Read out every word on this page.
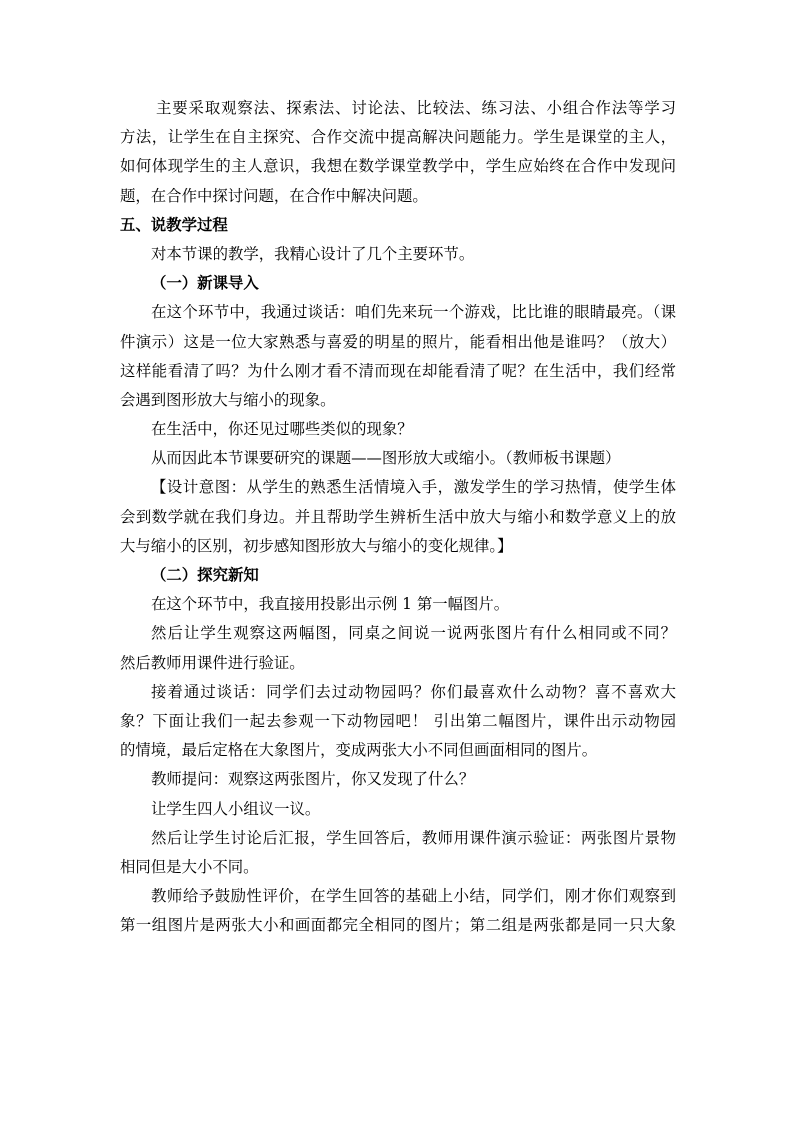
主要采取观察法、探索法、讨论法、比较法、练习法、小组合作法等学习
方法，让学生在自主探究、合作交流中提高解决问题能力。学生是课堂的主人，
如何体现学生的主人意识，我想在数学课堂教学中，学生应始终在合作中发现问
题，在合作中探讨问题，在合作中解决问题。
五、说教学过程
对本节课的教学，我精心设计了几个主要环节。
（一）新课导入
在这个环节中，我通过谈话：咱们先来玩一个游戏，比比谁的眼睛最亮。（课
件演示）这是一位大家熟悉与喜爱的明星的照片，能看相出他是谁吗？（放大）
这样能看清了吗？为什么刚才看不清而现在却能看清了呢？在生活中，我们经常
会遇到图形放大与缩小的现象。
在生活中，你还见过哪些类似的现象？
从而因此本节课要研究的课题——图形放大或缩小。（教师板书课题）
【设计意图：从学生的熟悉生活情境入手，激发学生的学习热情，使学生体
会到数学就在我们身边。并且帮助学生辨析生活中放大与缩小和数学意义上的放
大与缩小的区别，初步感知图形放大与缩小的变化规律。】
（二）探究新知
在这个环节中，我直接用投影出示例 1 第一幅图片。
然后让学生观察这两幅图，同桌之间说一说两张图片有什么相同或不同？
然后教师用课件进行验证。
接着通过谈话：同学们去过动物园吗？你们最喜欢什么动物？喜不喜欢大
象？下面让我们一起去参观一下动物园吧！ 引出第二幅图片，课件出示动物园
的情境，最后定格在大象图片，变成两张大小不同但画面相同的图片。
教师提问：观察这两张图片，你又发现了什么？
让学生四人小组议一议。
然后让学生讨论后汇报，学生回答后，教师用课件演示验证：两张图片景物
相同但是大小不同。
教师给予鼓励性评价，在学生回答的基础上小结，同学们，刚才你们观察到
第一组图片是两张大小和画面都完全相同的图片；第二组是两张都是同一只大象
